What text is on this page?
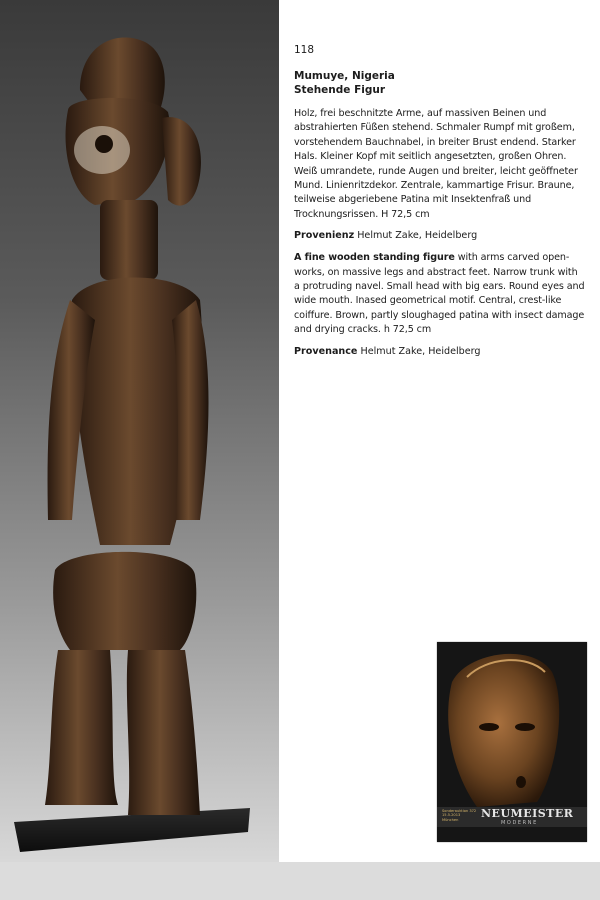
118
Mumuye, Nigeria
Stehende Figur
Holz, frei beschnitzte Arme, auf massiven Beinen und abstrahierten Füßen stehend. Schmaler Rumpf mit großem, vorstehendem Bauchnabel, in breiter Brust endend. Starker Hals. Kleiner Kopf mit seitlich angesetzten, großen Ohren. Weiß umrandete, runde Augen und breiter, leicht geöffneter Mund. Linienritzdekor. Zentrale, kammartige Frisur. Braune, teilweise abgeriebene Patina mit Insektenfraß und Trocknungsrissen. H 72,5 cm
Provenienz Helmut Zake, Heidelberg
A fine wooden standing figure with arms carved open-works, on massive legs and abstract feet. Narrow trunk with a protruding navel. Small head with big ears. Round eyes and wide mouth. Inased geometrical motif. Central, crest-like coiffure. Brown, partly sloughaged patina with insect damage and drying cracks. h 72,5 cm
Provenance Helmut Zake, Heidelberg
Sonderauktion 372
15.5.2013
München	NEUMEISTER
MODERNE
